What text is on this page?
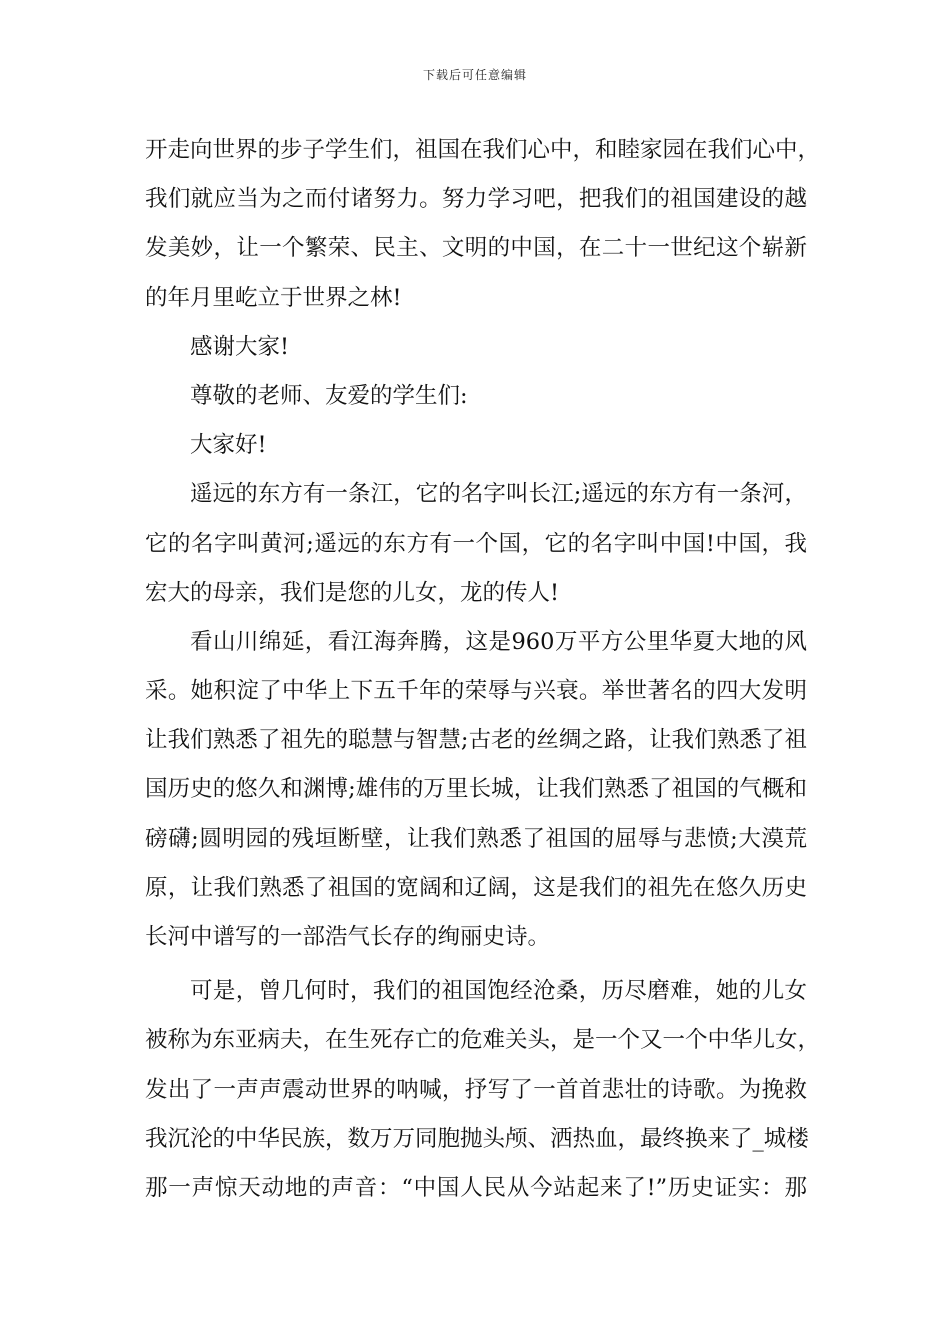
下载后可任意编辑
开走向世界的步子学生们，祖国在我们心中，和睦家园在我们心中，
我们就应当为之而付诸努力。努力学习吧，把我们的祖国建设的越
发美妙，让一个繁荣、民主、文明的中国，在二十一世纪这个崭新
的年月里屹立于世界之林!
感谢大家!
尊敬的老师、友爱的学生们:
大家好!
遥远的东方有一条江，它的名字叫长江;遥远的东方有一条河，
它的名字叫黄河;遥远的东方有一个国，它的名字叫中国!中国，我
宏大的母亲，我们是您的儿女，龙的传人!
看山川绵延，看江海奔腾，这是960万平方公里华夏大地的风
采。她积淀了中华上下五千年的荣辱与兴衰。举世著名的四大发明
让我们熟悉了祖先的聪慧与智慧;古老的丝绸之路，让我们熟悉了祖
国历史的悠久和渊博;雄伟的万里长城，让我们熟悉了祖国的气概和
磅礴;圆明园的残垣断壁，让我们熟悉了祖国的屈辱与悲愤;大漠荒
原，让我们熟悉了祖国的宽阔和辽阔，这是我们的祖先在悠久历史
长河中谱写的一部浩气长存的绚丽史诗。
可是，曾几何时，我们的祖国饱经沧桑，历尽磨难，她的儿女
被称为东亚病夫，在生死存亡的危难关头，是一个又一个中华儿女，
发出了一声声震动世界的呐喊，抒写了一首首悲壮的诗歌。为挽救
我沉沦的中华民族，数万万同胞抛头颅、洒热血，最终换来了_城楼
那一声惊天动地的声音：“中国人民从今站起来了!”历史证实：那
